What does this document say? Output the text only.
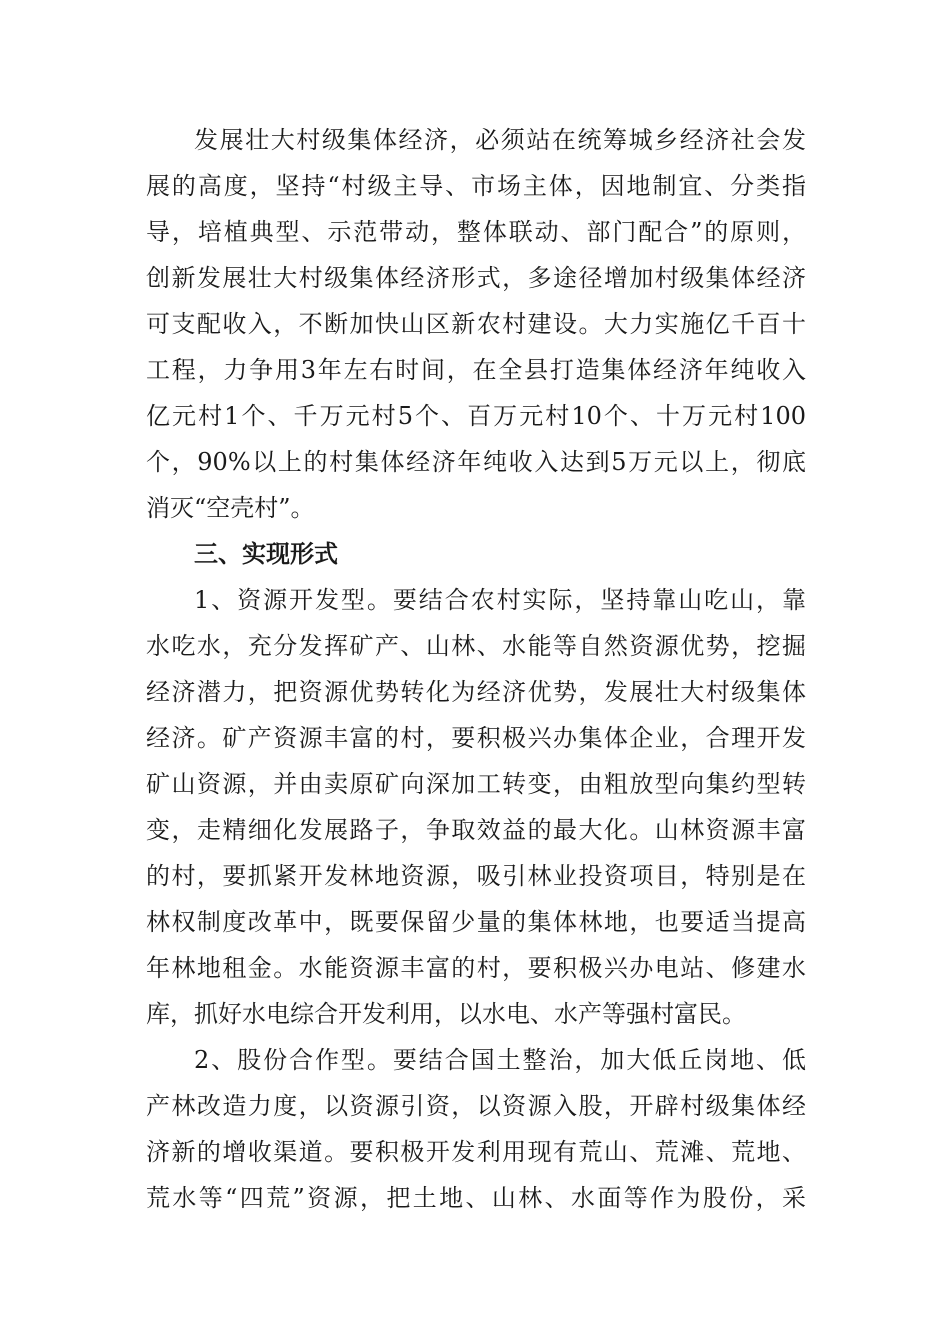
发展壮大村级集体经济，必须站在统筹城乡经济社会发
展的高度，坚持“村级主导、市场主体，因地制宜、分类指
导，培植典型、示范带动，整体联动、部门配合”的原则，
创新发展壮大村级集体经济形式，多途径增加村级集体经济
可支配收入，不断加快山区新农村建设。大力实施亿千百十
工程，力争用3年左右时间，在全县打造集体经济年纯收入
亿元村1个、千万元村5个、百万元村10个、十万元村100
个，90%以上的村集体经济年纯收入达到5万元以上，彻底
消灭“空壳村”。
三、实现形式
1、资源开发型。要结合农村实际，坚持靠山吃山，靠
水吃水，充分发挥矿产、山林、水能等自然资源优势，挖掘
经济潜力，把资源优势转化为经济优势，发展壮大村级集体
经济。矿产资源丰富的村，要积极兴办集体企业，合理开发
矿山资源，并由卖原矿向深加工转变，由粗放型向集约型转
变，走精细化发展路子，争取效益的最大化。山林资源丰富
的村，要抓紧开发林地资源，吸引林业投资项目，特别是在
林权制度改革中，既要保留少量的集体林地，也要适当提高
年林地租金。水能资源丰富的村，要积极兴办电站、修建水
库，抓好水电综合开发利用，以水电、水产等强村富民。
2、股份合作型。要结合国土整治，加大低丘岗地、低
产林改造力度，以资源引资，以资源入股，开辟村级集体经
济新的增收渠道。要积极开发利用现有荒山、荒滩、荒地、
荒水等“四荒”资源，把土地、山林、水面等作为股份，采
